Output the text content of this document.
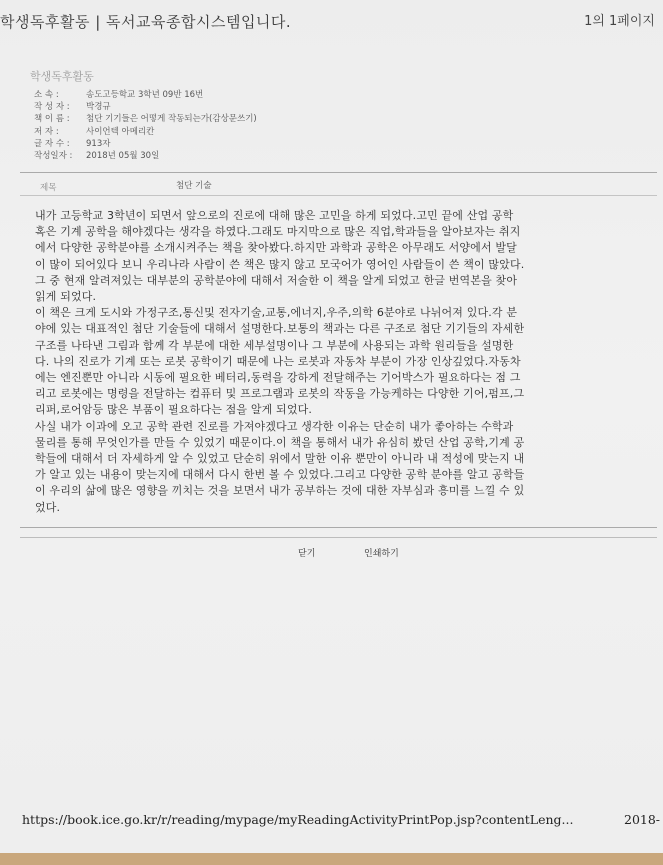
학생독후활동 | 독서교육종합시스템입니다.	1의 1페이지
학생독후활동
소 속 :	송도고등학교 3학년 09반 16번
작 성 자 :	박경규
책 이 름 :	첨단 기기들은 어떻게 작동되는가(감상문쓰기)
저 자 :	사이언텍 아메리칸
글 자 수 :	913자
작성일자 :	2018년 05월 30일
제목	첨단 기술
내가 고등학교 3학년이 되면서 앞으로의 진로에 대해 많은 고민을 하게 되었다.고민 끝에 산업 공학
혹은 기계 공학을 해야겠다는 생각을 하였다.그래도 마지막으로 많은 직업,학과들을 알아보자는 취지
에서 다양한 공학분야를 소개시켜주는 책을 찾아봤다.하지만 과학과 공학은 아무래도 서양에서 발달
이 많이 되어있다 보니 우리나라 사람이 쓴 책은 많지 않고 모국어가 영어인 사람들이 쓴 책이 많았다.
그 중 현재 알려져있는 대부분의 공학분야에 대해서 저술한 이 책을 알게 되었고 한글 번역본을 찾아
읽게 되었다.
이 책은 크게 도시와 가정구조,통신및 전자기술,교통,에너지,우주,의학 6분야로 나뉘어져 있다.각 분
야에 있는 대표적인 첨단 기술들에 대해서 설명한다.보통의 책과는 다른 구조로 첨단 기기들의 자세한
구조를 나타낸 그림과 함께 각 부분에 대한 세부설명이나 그 부분에 사용되는 과학 원리들을 설명한
다. 나의 진로가 기계 또는 로봇 공학이기 때문에 나는 로봇과 자동차 부분이 가장 인상깊었다.자동차
에는 엔진뿐만 아니라 시동에 필요한 베터리,동력을 강하게 전달해주는 기어박스가 필요하다는 점 그
리고 로봇에는 명령을 전달하는 컴퓨터 및 프로그램과 로봇의 작동을 가능케하는 다양한 기어,펌프,그
리퍼,로어암등 많은 부품이 필요하다는 점을 알게 되었다.
사실 내가 이과에 오고 공학 관련 진로를 가져야겠다고 생각한 이유는 단순히 내가 좋아하는 수학과
물리를 통해 무엇인가를 만들 수 있었기 때문이다.이 책을 통해서 내가 유심히 봤던 산업 공학,기계 공
학들에 대해서 더 자세하게 알 수 있었고 단순히 위에서 말한 이유 뿐만이 아니라 내 적성에 맞는지 내
가 알고 있는 내용이 맞는지에 대해서 다시 한번 볼 수 있었다.그리고 다양한 공학 분야를 알고 공학들
이 우리의 삶에 많은 영향을 끼치는 것을 보면서 내가 공부하는 것에 대한 자부심과 흥미를 느낄 수 있
었다.
닫기	인쇄하기
https://book.ice.go.kr/r/reading/mypage/myReadingActivityPrintPop.jsp?contentLeng...	2018-
